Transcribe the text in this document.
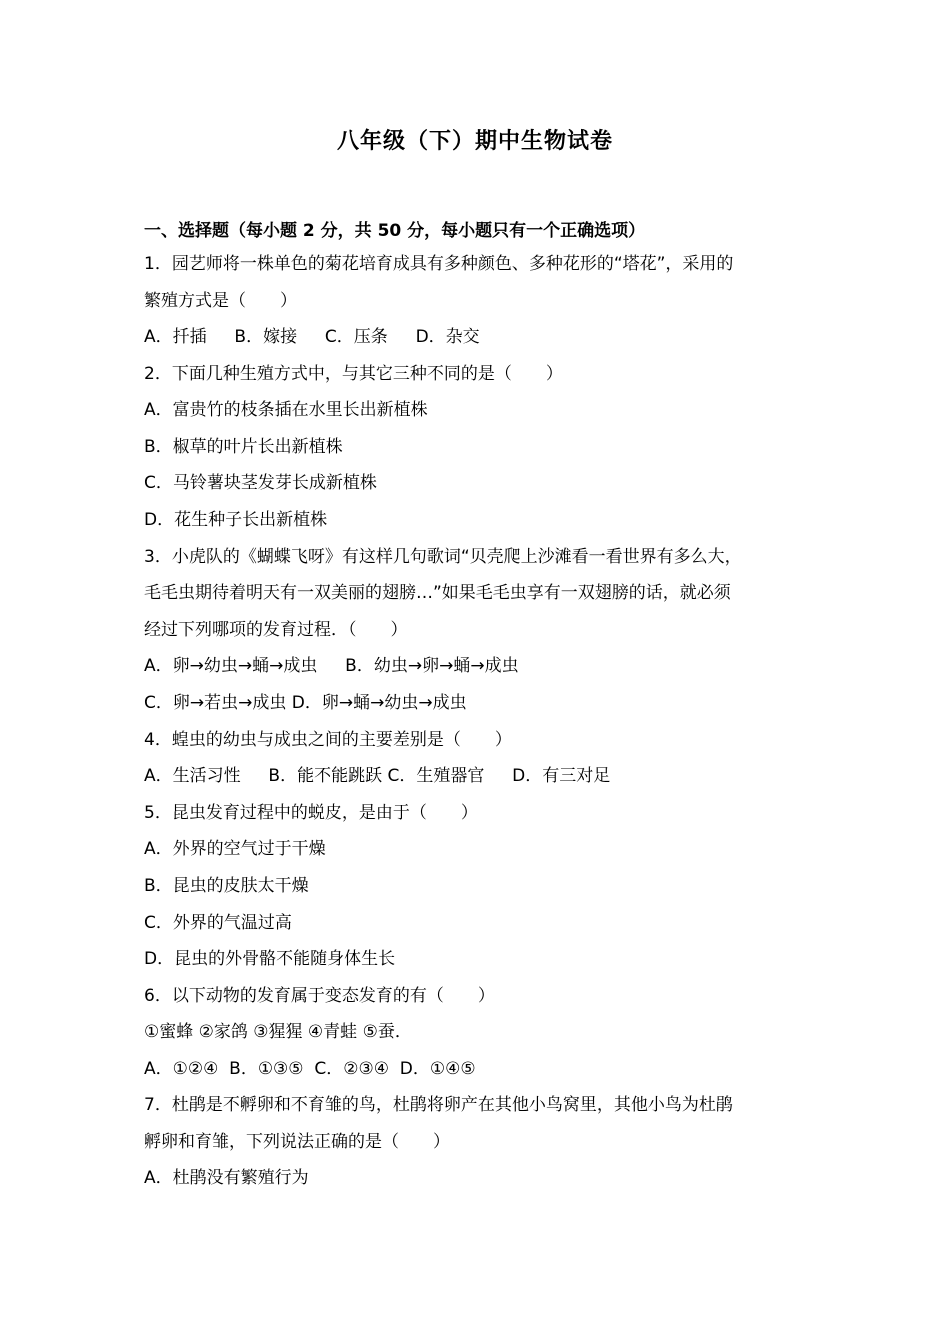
八年级（下）期中生物试卷
一、选择题（每小题 2 分，共 50 分，每小题只有一个正确选项）
1．园艺师将一株单色的菊花培育成具有多种颜色、多种花形的“塔花”，采用的
繁殖方式是（　　）
A．扦插　  B．嫁接　  C．压条　  D．杂交
2．下面几种生殖方式中，与其它三种不同的是（　　）
A．富贵竹的枝条插在水里长出新植株
B．椒草的叶片长出新植株
C．马铃薯块茎发芽长成新植株
D．花生种子长出新植株
3．小虎队的《蝴蝶飞呀》有这样几句歌词“贝壳爬上沙滩看一看世界有多么大，
毛毛虫期待着明天有一双美丽的翅膀…”如果毛毛虫享有一双翅膀的话，就必须
经过下列哪项的发育过程．（　　）
A．卵→幼虫→蛹→成虫　  B．幼虫→卵→蛹→成虫
C．卵→若虫→成虫 D．卵→蛹→幼虫→成虫
4．蝗虫的幼虫与成虫之间的主要差别是（　　）
A．生活习性　  B．能不能跳跃 C．生殖器官　  D．有三对足
5．昆虫发育过程中的蜕皮，是由于（　　）
A．外界的空气过于干燥
B．昆虫的皮肤太干燥
C．外界的气温过高
D．昆虫的外骨骼不能随身体生长
6．以下动物的发育属于变态发育的有（　　）
①蜜蜂 ②家鸽 ③猩猩 ④青蛙 ⑤蚕．
A．①②④  B．①③⑤  C．②③④  D．①④⑤
7．杜鹃是不孵卵和不育雏的鸟，杜鹃将卵产在其他小鸟窝里，其他小鸟为杜鹃
孵卵和育雏，下列说法正确的是（　　）
A．杜鹃没有繁殖行为
